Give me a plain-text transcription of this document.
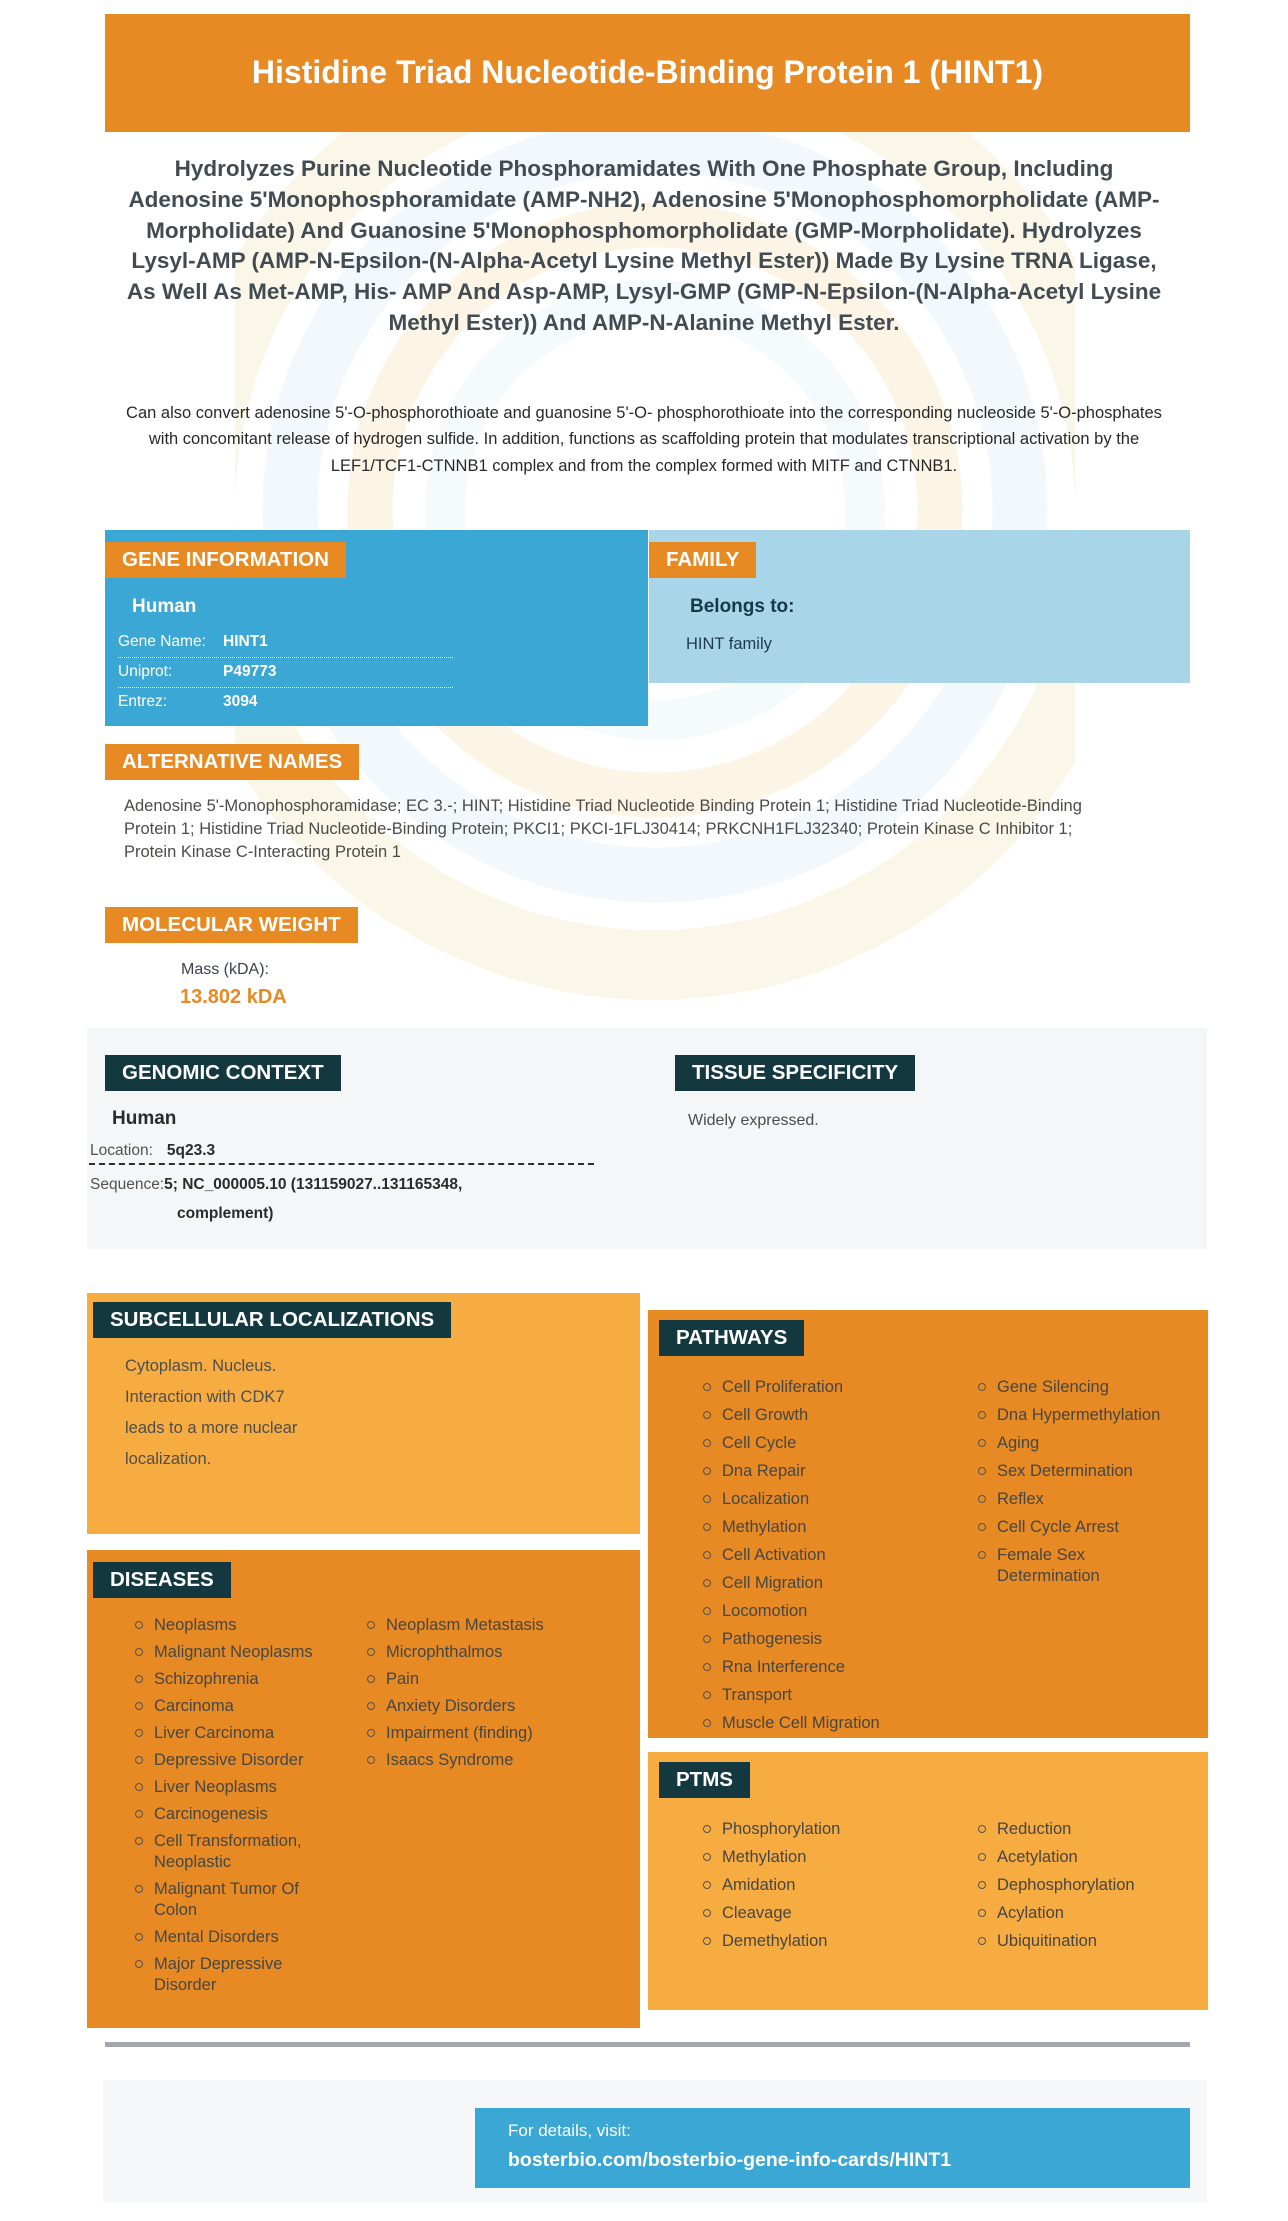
Histidine Triad Nucleotide-Binding Protein 1 (HINT1)
Hydrolyzes Purine Nucleotide Phosphoramidates With One Phosphate Group, Including Adenosine 5'Monophosphoramidate (AMP-NH2), Adenosine 5'Monophosphomorpholidate (AMP-Morpholidate) And Guanosine 5'Monophosphomorpholidate (GMP-Morpholidate). Hydrolyzes Lysyl-AMP (AMP-N-Epsilon-(N-Alpha-Acetyl Lysine Methyl Ester)) Made By Lysine TRNA Ligase, As Well As Met-AMP, His- AMP And Asp-AMP, Lysyl-GMP (GMP-N-Epsilon-(N-Alpha-Acetyl Lysine Methyl Ester)) And AMP-N-Alanine Methyl Ester.
Can also convert adenosine 5'-O-phosphorothioate and guanosine 5'-O- phosphorothioate into the corresponding nucleoside 5'-O-phosphates with concomitant release of hydrogen sulfide. In addition, functions as scaffolding protein that modulates transcriptional activation by the LEF1/TCF1-CTNNB1 complex and from the complex formed with MITF and CTNNB1.
GENE INFORMATION
Human
Gene Name:	HINT1
Uniprot:	P49773
Entrez:	3094
FAMILY
Belongs to:
HINT family
ALTERNATIVE NAMES
Adenosine 5'-Monophosphoramidase; EC 3.-; HINT; Histidine Triad Nucleotide Binding Protein 1; Histidine Triad Nucleotide-Binding Protein 1; Histidine Triad Nucleotide-Binding Protein; PKCI1; PKCI-1FLJ30414; PRKCNH1FLJ32340; Protein Kinase C Inhibitor 1; Protein Kinase C-Interacting Protein 1
MOLECULAR WEIGHT
Mass (kDA):
13.802 kDA
GENOMIC CONTEXT
Human
Location: 5q23.3
Sequence:5; NC_000005.10 (131159027..131165348,
complement)
TISSUE SPECIFICITY
Widely expressed.
SUBCELLULAR LOCALIZATIONS
Cytoplasm. Nucleus.
Interaction with CDK7
leads to a more nuclear
localization.
PATHWAYS
Cell Proliferation
Cell Growth
Cell Cycle
Dna Repair
Localization
Methylation
Cell Activation
Cell Migration
Locomotion
Pathogenesis
Rna Interference
Transport
Muscle Cell Migration
Gene Silencing
Dna Hypermethylation
Aging
Sex Determination
Reflex
Cell Cycle Arrest
Female Sex Determination
DISEASES
Neoplasms
Malignant Neoplasms
Schizophrenia
Carcinoma
Liver Carcinoma
Depressive Disorder
Liver Neoplasms
Carcinogenesis
Cell Transformation, Neoplastic
Malignant Tumor Of Colon
Mental Disorders
Major Depressive Disorder
Neoplasm Metastasis
Microphthalmos
Pain
Anxiety Disorders
Impairment (finding)
Isaacs Syndrome
PTMS
Phosphorylation
Methylation
Amidation
Cleavage
Demethylation
Reduction
Acetylation
Dephosphorylation
Acylation
Ubiquitination
For details, visit:
bosterbio.com/bosterbio-gene-info-cards/HINT1
